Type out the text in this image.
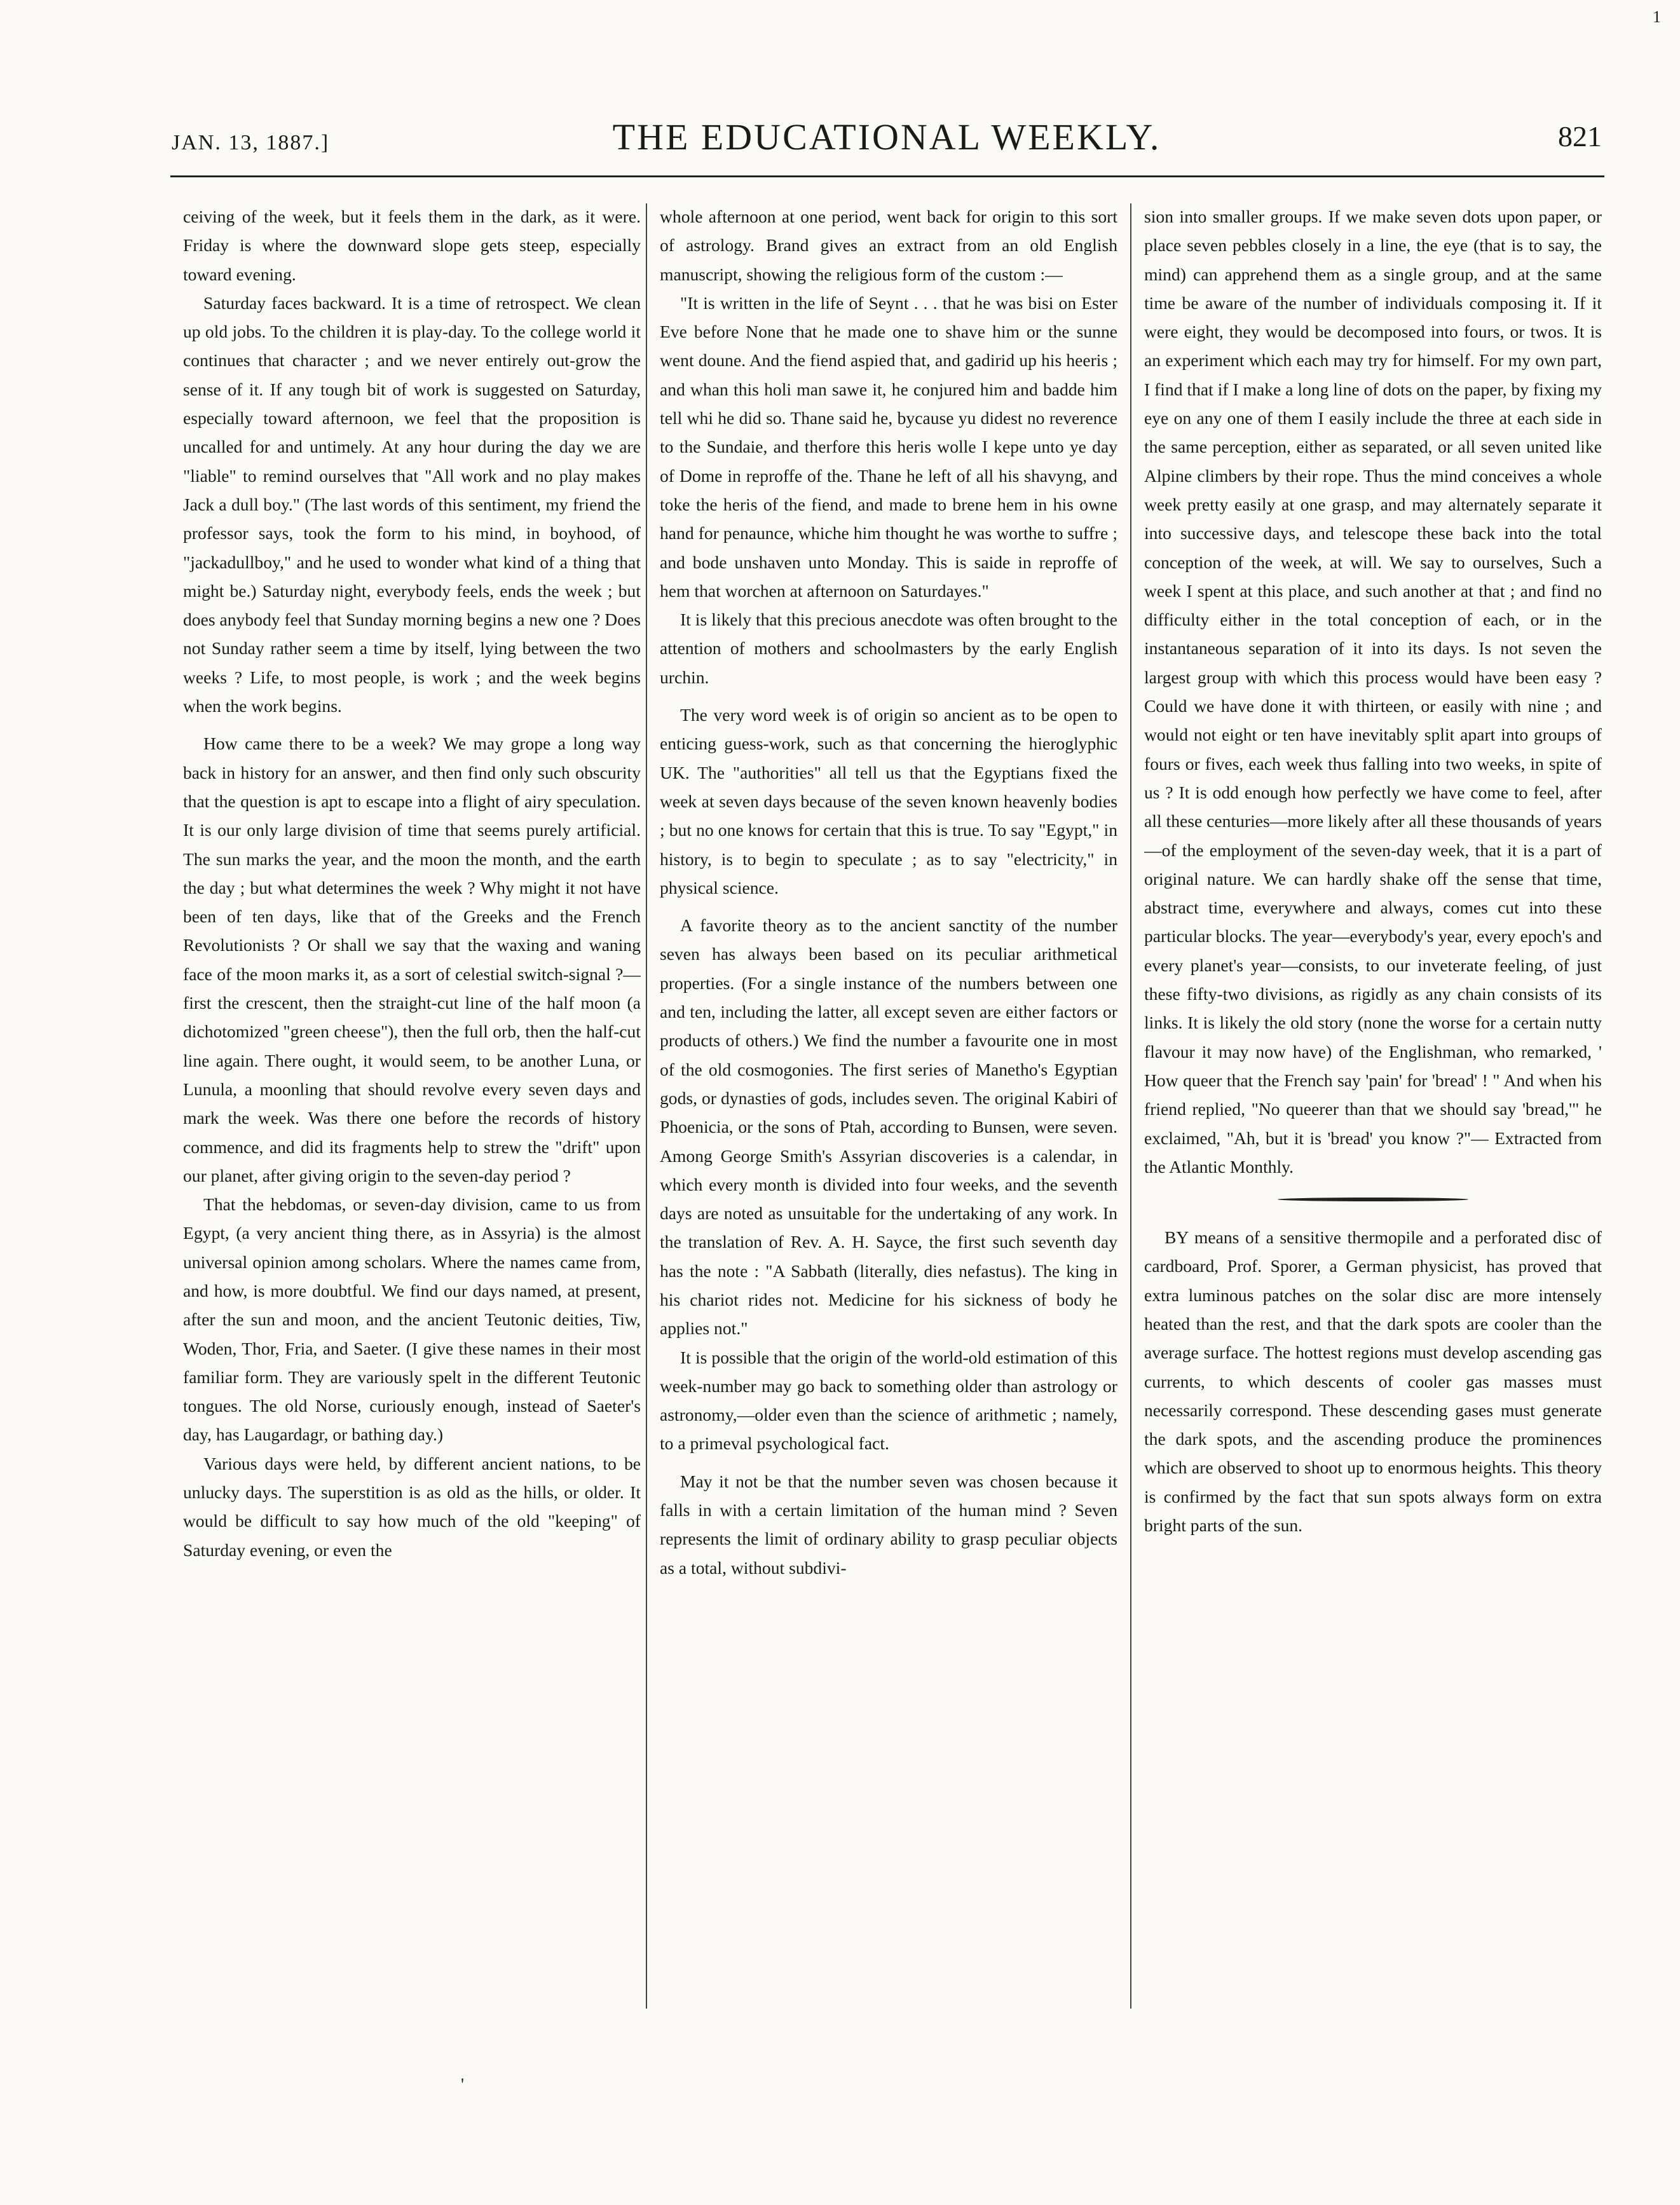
1
JAN. 13, 1887.]	THE EDUCATIONAL WEEKLY.	821

ceiving of the week, but it feels them in the dark, as it were. Friday is where the downward slope gets steep, especially toward evening.

Saturday faces backward. It is a time of retrospect. We clean up old jobs. To the children it is play-day. To the college world it continues that character ; and we never entirely out-grow the sense of it. If any tough bit of work is suggested on Saturday, especially toward afternoon, we feel that the proposition is uncalled for and untimely. At any hour during the day we are "liable" to remind ourselves that "All work and no play makes Jack a dull boy." (The last words of this sentiment, my friend the professor says, took the form to his mind, in boyhood, of "jackadullboy," and he used to wonder what kind of a thing that might be.) Saturday night, everybody feels, ends the week ; but does anybody feel that Sunday morning begins a new one ? Does not Sunday rather seem a time by itself, lying between the two weeks ? Life, to most people, is work ; and the week begins when the work begins.

How came there to be a week? We may grope a long way back in history for an answer, and then find only such obscurity that the question is apt to escape into a flight of airy speculation. It is our only large division of time that seems purely artificial. The sun marks the year, and the moon the month, and the earth the day ; but what determines the week ? Why might it not have been of ten days, like that of the Greeks and the French Revolutionists ? Or shall we say that the waxing and waning face of the moon marks it, as a sort of celestial switch-signal ?—first the crescent, then the straight-cut line of the half moon (a dichotomized "green cheese"), then the full orb, then the half-cut line again. There ought, it would seem, to be another Luna, or Lunula, a moonling that should revolve every seven days and mark the week. Was there one before the records of history commence, and did its fragments help to strew the "drift" upon our planet, after giving origin to the seven-day period ?

That the hebdomas, or seven-day division, came to us from Egypt, (a very ancient thing there, as in Assyria) is the almost universal opinion among scholars. Where the names came from, and how, is more doubtful. We find our days named, at present, after the sun and moon, and the ancient Teutonic deities, Tiw, Woden, Thor, Fria, and Saeter. (I give these names in their most familiar form. They are variously spelt in the different Teutonic tongues. The old Norse, curiously enough, instead of Saeter's day, has Laugardagr, or bathing day.)

Various days were held, by different ancient nations, to be unlucky days. The superstition is as old as the hills, or older. It would be difficult to say how much of the old "keeping" of Saturday evening, or even the

whole afternoon at one period, went back for origin to this sort of astrology. Brand gives an extract from an old English manuscript, showing the religious form of the custom :—

"It is written in the life of Seynt . . . that he was bisi on Ester Eve before None that he made one to shave him or the sunne went doune. And the fiend aspied that, and gadirid up his heeris ; and whan this holi man sawe it, he conjured him and badde him tell whi he did so. Thane said he, bycause yu didest no reverence to the Sundaie, and therfore this heris wolle I kepe unto ye day of Dome in reproffe of the. Thane he left of all his shavyng, and toke the heris of the fiend, and made to brene hem in his owne hand for penaunce, whiche him thought he was worthe to suffre ; and bode unshaven unto Monday. This is saide in reproffe of hem that worchen at afternoon on Saturdayes."

It is likely that this precious anecdote was often brought to the attention of mothers and schoolmasters by the early English urchin.

The very word week is of origin so ancient as to be open to enticing guess-work, such as that concerning the hieroglyphic UK. The "authorities" all tell us that the Egyptians fixed the week at seven days because of the seven known heavenly bodies ; but no one knows for certain that this is true. To say "Egypt," in history, is to begin to speculate ; as to say "electricity," in physical science.

A favorite theory as to the ancient sanctity of the number seven has always been based on its peculiar arithmetical properties. (For a single instance of the numbers between one and ten, including the latter, all except seven are either factors or products of others.) We find the number a favourite one in most of the old cosmogonies. The first series of Manetho's Egyptian gods, or dynasties of gods, includes seven. The original Kabiri of Phoenicia, or the sons of Ptah, according to Bunsen, were seven. Among George Smith's Assyrian discoveries is a calendar, in which every month is divided into four weeks, and the seventh days are noted as unsuitable for the undertaking of any work. In the translation of Rev. A. H. Sayce, the first such seventh day has the note : "A Sabbath (literally, dies nefastus). The king in his chariot rides not. Medicine for his sickness of body he applies not."

It is possible that the origin of the world-old estimation of this week-number may go back to something older than astrology or astronomy,—older even than the science of arithmetic ; namely, to a primeval psychological fact.

May it not be that the number seven was chosen because it falls in with a certain limitation of the human mind ? Seven represents the limit of ordinary ability to grasp peculiar objects as a total, without subdivi-

sion into smaller groups. If we make seven dots upon paper, or place seven pebbles closely in a line, the eye (that is to say, the mind) can apprehend them as a single group, and at the same time be aware of the number of individuals composing it. If it were eight, they would be decomposed into fours, or twos. It is an experiment which each may try for himself. For my own part, I find that if I make a long line of dots on the paper, by fixing my eye on any one of them I easily include the three at each side in the same perception, either as separated, or all seven united like Alpine climbers by their rope. Thus the mind conceives a whole week pretty easily at one grasp, and may alternately separate it into successive days, and telescope these back into the total conception of the week, at will. We say to ourselves, Such a week I spent at this place, and such another at that ; and find no difficulty either in the total conception of each, or in the instantaneous separation of it into its days. Is not seven the largest group with which this process would have been easy ? Could we have done it with thirteen, or easily with nine ; and would not eight or ten have inevitably split apart into groups of fours or fives, each week thus falling into two weeks, in spite of us ? It is odd enough how perfectly we have come to feel, after all these centuries—more likely after all these thousands of years—of the employment of the seven-day week, that it is a part of original nature. We can hardly shake off the sense that time, abstract time, everywhere and always, comes cut into these particular blocks. The year—everybody's year, every epoch's and every planet's year—consists, to our inveterate feeling, of just these fifty-two divisions, as rigidly as any chain consists of its links. It is likely the old story (none the worse for a certain nutty flavour it may now have) of the Englishman, who remarked, ' How queer that the French say 'pain' for 'bread' ! " And when his friend replied, "No queerer than that we should say 'bread,'" he exclaimed, "Ah, but it is 'bread' you know ?"— Extracted from the Atlantic Monthly.

BY means of a sensitive thermopile and a perforated disc of cardboard, Prof. Sporer, a German physicist, has proved that extra luminous patches on the solar disc are more intensely heated than the rest, and that the dark spots are cooler than the average surface. The hottest regions must develop ascending gas currents, to which descents of cooler gas masses must necessarily correspond. These descending gases must generate the dark spots, and the ascending produce the prominences which are observed to shoot up to enormous heights. This theory is confirmed by the fact that sun spots always form on extra bright parts of the sun.

'
